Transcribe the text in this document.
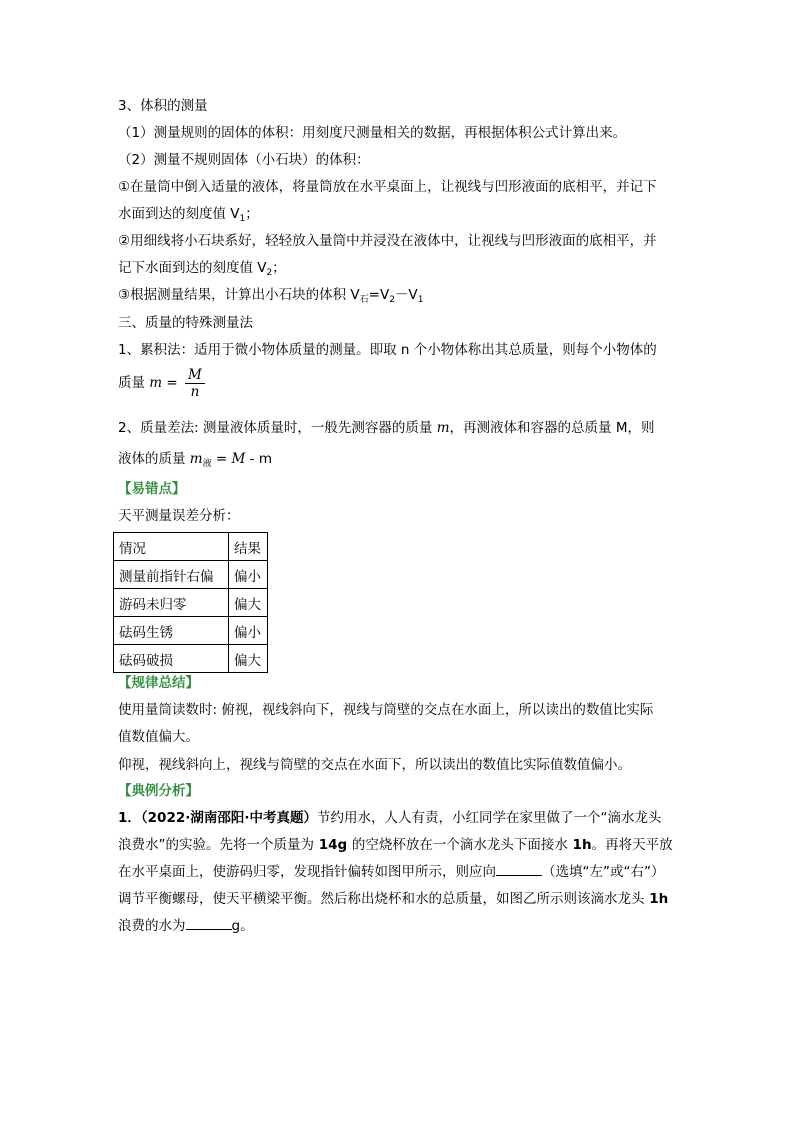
3、体积的测量
（1）测量规则的固体的体积：用刻度尺测量相关的数据，再根据体积公式计算出来。
（2）测量不规则固体（小石块）的体积：
①在量筒中倒入适量的液体，将量筒放在水平桌面上，让视线与凹形液面的底相平，并记下
水面到达的刻度值 $V_1$；
②用细线将小石块系好，轻轻放入量筒中并浸没在液体中，让视线与凹形液面的底相平，并
记下水面到达的刻度值 $V_2$；
③根据测量结果，计算出小石块的体积 $V_石=V_2-V_1$
三、质量的特殊测量法
1、累积法：适用于微小物体质量的测量。即取 n 个小物体称出其总质量，则每个小物体的
质量 $m = \frac{M}{n}$
2、质量差法: 测量液体质量时，一般先测容器的质量 m，再测液体和容器的总质量 M，则
液体的质量 $m_液 = M - m$
【易错点】
天平测量误差分析：
情况	结果
测量前指针右偏	偏小
游码未归零	偏大
砝码生锈	偏小
砝码破损	偏大
【规律总结】
使用量筒读数时: 俯视，视线斜向下，视线与筒壁的交点在水面上，所以读出的数值比实际
值数值偏大。
仰视，视线斜向上，视线与筒壁的交点在水面下，所以读出的数值比实际值数值偏小。
【典例分析】
1．（2022·湖南邵阳·中考真题）节约用水，人人有责，小红同学在家里做了一个“滴水龙头
浪费水”的实验。先将一个质量为 14g 的空烧杯放在一个滴水龙头下面接水 1h。再将天平放
在水平桌面上，使游码归零，发现指针偏转如图甲所示，则应向	（选填“左”或“右”）
调节平衡螺母，使天平横梁平衡。然后称出烧杯和水的总质量，如图乙所示则该滴水龙头 1h
浪费的水为	g。
